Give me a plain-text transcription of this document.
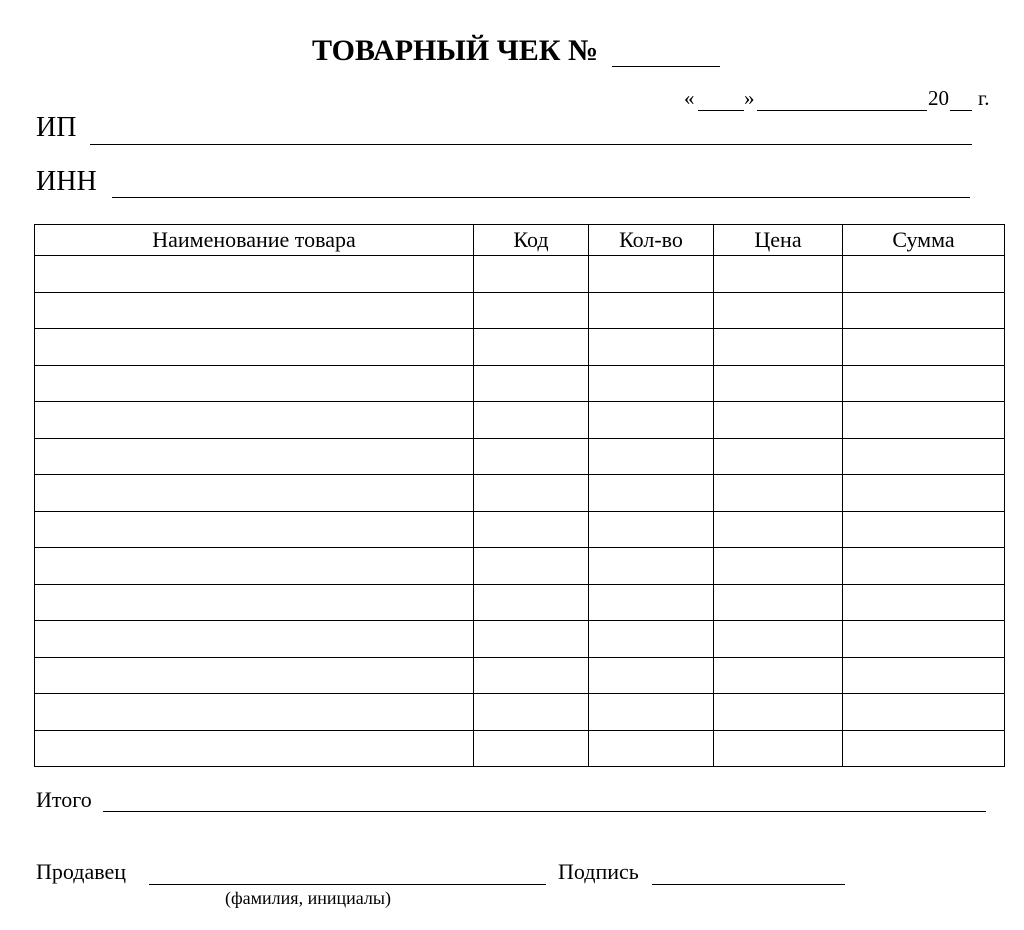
ТОВАРНЫЙ ЧЕК №
« »	20 г.
ИП
ИНН
Наименование товара	Код	Кол-во	Цена	Сумма

Итого
Продавец
(фамилия, инициалы)
Подпись
